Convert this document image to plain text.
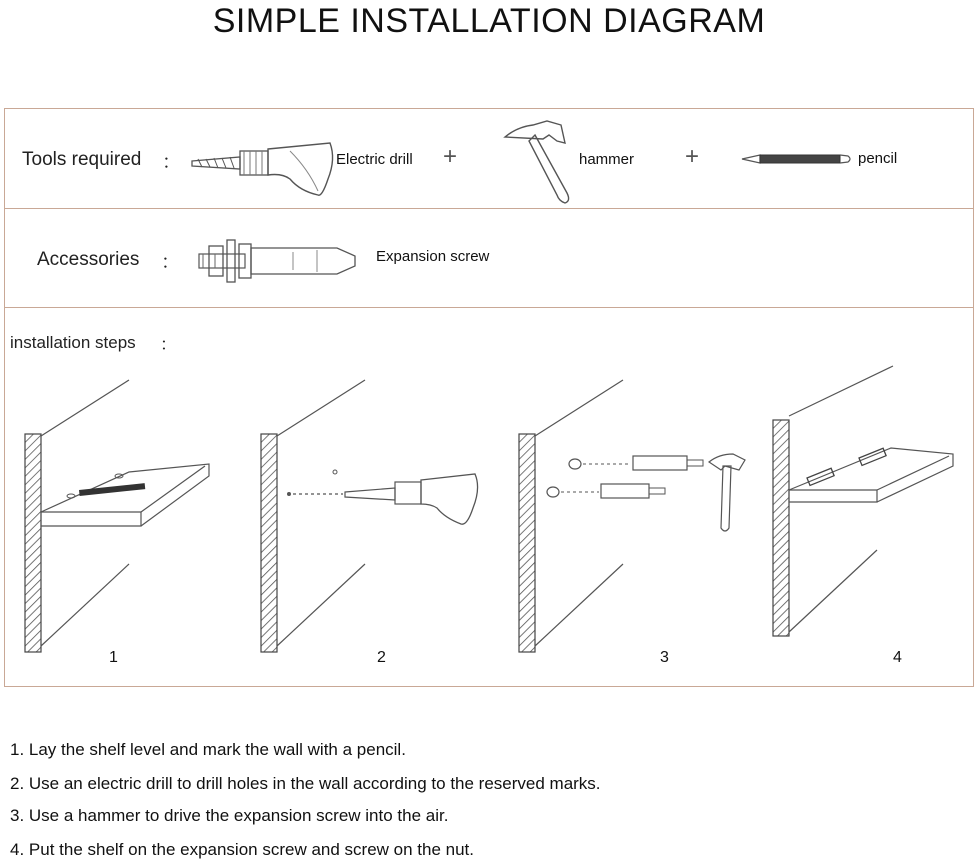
SIMPLE INSTALLATION DIAGRAM
Tools required ：	Electric drill +	hammer +	pencil
Accessories ：	Expansion screw
installation steps ：
1	2	3	4
1. Lay the shelf level and mark the wall with a pencil.
2. Use an electric drill to drill holes in the wall according to the reserved marks.
3. Use a hammer to drive the expansion screw into the air.
4. Put the shelf on the expansion screw and screw on the nut.
